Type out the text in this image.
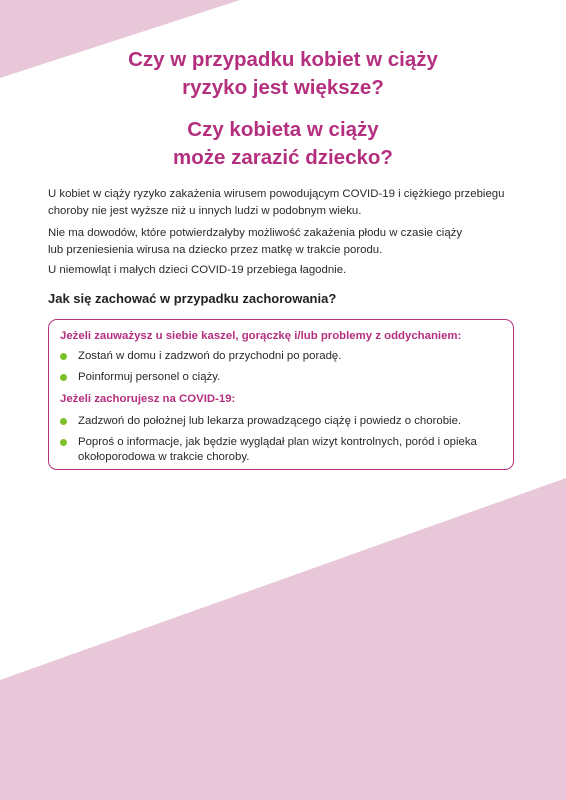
Czy w przypadku kobiet w ciąży
ryzyko jest większe?
Czy kobieta w ciąży
może zarazić dziecko?

U kobiet w ciąży ryzyko zakażenia wirusem powodującym COVID-19 i ciężkiego przebiegu
choroby nie jest wyższe niż u innych ludzi w podobnym wieku.

Nie ma dowodów, które potwierdzałyby możliwość zakażenia płodu w czasie ciąży
lub przeniesienia wirusa na dziecko przez matkę w trakcie porodu.

U niemowląt i małych dzieci COVID-19 przebiega łagodnie.

Jak się zachować w przypadku zachorowania?

Jeżeli zauważysz u siebie kaszel, gorączkę i/lub problemy z oddychaniem:

Zostań w domu i zadzwoń do przychodni po poradę.
Poinformuj personel o ciąży.

Jeżeli zachorujesz na COVID-19:

Zadzwoń do położnej lub lekarza prowadzącego ciążę i powiedz o chorobie.
Poproś o informacje, jak będzie wyglądał plan wizyt kontrolnych, poród i opieka okołoporodowa w trakcie choroby.
